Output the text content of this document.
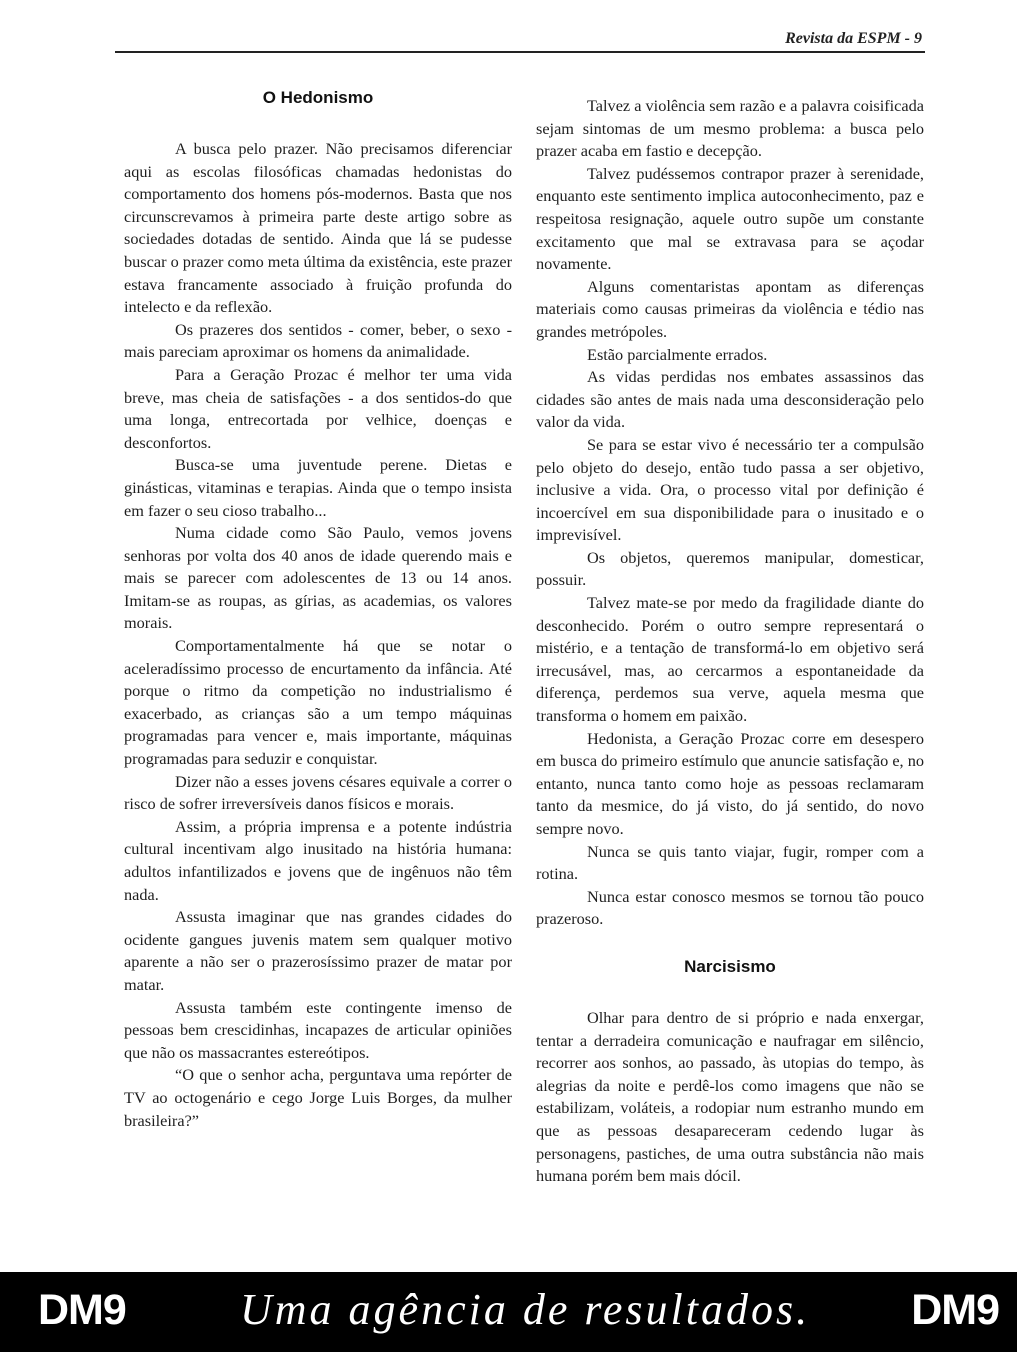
Revista da ESPM - 9
O Hedonismo

A busca pelo prazer. Não precisamos diferenciar aqui as escolas filosóficas chamadas hedonistas do comportamento dos homens pós-modernos. Basta que nos circunscrevamos à primeira parte deste artigo sobre as sociedades dotadas de sentido. Ainda que lá se pudesse buscar o prazer como meta última da existência, este prazer estava francamente associado à fruição profunda do intelecto e da reflexão.

Os prazeres dos sentidos - comer, beber, o sexo - mais pareciam aproximar os homens da animalidade.

Para a Geração Prozac é melhor ter uma vida breve, mas cheia de satisfações - a dos sentidos-do que uma longa, entrecortada por velhice, doenças e desconfortos.

Busca-se uma juventude perene. Dietas e ginásticas, vitaminas e terapias. Ainda que o tempo insista em fazer o seu cioso trabalho...

Numa cidade como São Paulo, vemos jovens senhoras por volta dos 40 anos de idade querendo mais e mais se parecer com adolescentes de 13 ou 14 anos. Imitam-se as roupas, as gírias, as academias, os valores morais.

Comportamentalmente há que se notar o aceleradíssimo processo de encurtamento da infância. Até porque o ritmo da competição no industrialismo é exacerbado, as crianças são a um tempo máquinas programadas para vencer e, mais importante, máquinas programadas para seduzir e conquistar.

Dizer não a esses jovens césares equivale a correr o risco de sofrer irreversíveis danos físicos e morais.

Assim, a própria imprensa e a potente indústria cultural incentivam algo inusitado na história humana: adultos infantilizados e jovens que de ingênuos não têm nada.

Assusta imaginar que nas grandes cidades do ocidente gangues juvenis matem sem qualquer motivo aparente a não ser o prazerosíssimo prazer de matar por matar.

Assusta também este contingente imenso de pessoas bem crescidinhas, incapazes de articular opiniões que não os massacrantes estereótipos.

“O que o senhor acha, perguntava uma repórter de TV ao octogenário e cego Jorge Luis Borges, da mulher brasileira?”

Talvez a violência sem razão e a palavra coisificada sejam sintomas de um mesmo problema: a busca pelo prazer acaba em fastio e decepção.

Talvez pudéssemos contrapor prazer à serenidade, enquanto este sentimento implica autoconhecimento, paz e respeitosa resignação, aquele outro supõe um constante excitamento que mal se extravasa para se açodar novamente.

Alguns comentaristas apontam as diferenças materiais como causas primeiras da violência e tédio nas grandes metrópoles.

Estão parcialmente errados.

As vidas perdidas nos embates assassinos das cidades são antes de mais nada uma desconsideração pelo valor da vida.

Se para se estar vivo é necessário ter a compulsão pelo objeto do desejo, então tudo passa a ser objetivo, inclusive a vida. Ora, o processo vital por definição é incoercível em sua disponibilidade para o inusitado e o imprevisível.

Os objetos, queremos manipular, domesticar, possuir.

Talvez mate-se por medo da fragilidade diante do desconhecido. Porém o outro sempre representará o mistério, e a tentação de transformá-lo em objetivo será irrecusável, mas, ao cercarmos a espontaneidade da diferença, perdemos sua verve, aquela mesma que transforma o homem em paixão.

Hedonista, a Geração Prozac corre em desespero em busca do primeiro estímulo que anuncie satisfação e, no entanto, nunca tanto como hoje as pessoas reclamaram tanto da mesmice, do já visto, do já sentido, do novo sempre novo.

Nunca se quis tanto viajar, fugir, romper com a rotina.

Nunca estar conosco mesmos se tornou tão pouco prazeroso.

Narcisismo

Olhar para dentro de si próprio e nada enxergar, tentar a derradeira comunicação e naufragar em silêncio, recorrer aos sonhos, ao passado, às utopias do tempo, às alegrias da noite e perdê-los como imagens que não se estabilizam, voláteis, a rodopiar num estranho mundo em que as pessoas desapareceram cedendo lugar às personagens, pastiches, de uma outra substância não mais humana porém bem mais dócil.

DM9	Uma agência de resultados. DM9
